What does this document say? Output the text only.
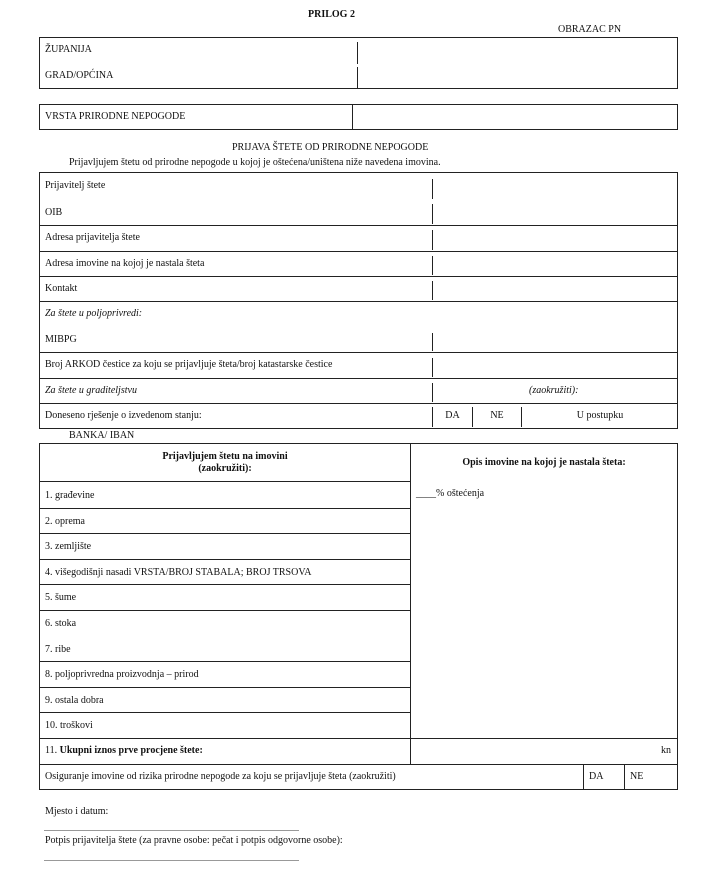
PRILOG 2
OBRAZAC PN
ŽUPANIJA
GRAD/OPĆINA
VRSTA PRIRODNE NEPOGODE
PRIJAVA ŠTETE OD PRIRODNE NEPOGODE
Prijavljujem štetu od prirodne nepogode u kojoj je oštećena/uništena niže navedena imovina.
Prijavitelj štete
OIB
Adresa prijavitelja štete
Adresa imovine na kojoj je nastala šteta
Kontakt
Za štete u poljoprivredi:
MIBPG
Broj ARKOD čestice za koju se prijavljuje šteta/broj katastarske čestice
Za štete u graditeljstvu	(zaokružiti):
Doneseno rješenje o izvedenom stanju:	DA	NE	U postupku
BANKA/ IBAN
Prijavljujem štetu na imovini
(zaokružiti):
Opis imovine na kojoj je nastala šteta:
____% oštećenja
1. građevine
2. oprema
3. zemljište
4. višegodišnji nasadi VRSTA/BROJ STABALA; BROJ TRSOVA
5. šume
6. stoka
7. ribe
8. poljoprivredna proizvodnja – prirod
9. ostala dobra
10. troškovi
11. Ukupni iznos prve procjene štete:	kn
Osiguranje imovine od rizika prirodne nepogode za koju se prijavljuje šteta (zaokružiti)	DA	NE
Mjesto i datum:
Potpis prijavitelja štete (za pravne osobe: pečat i potpis odgovorne osobe):
